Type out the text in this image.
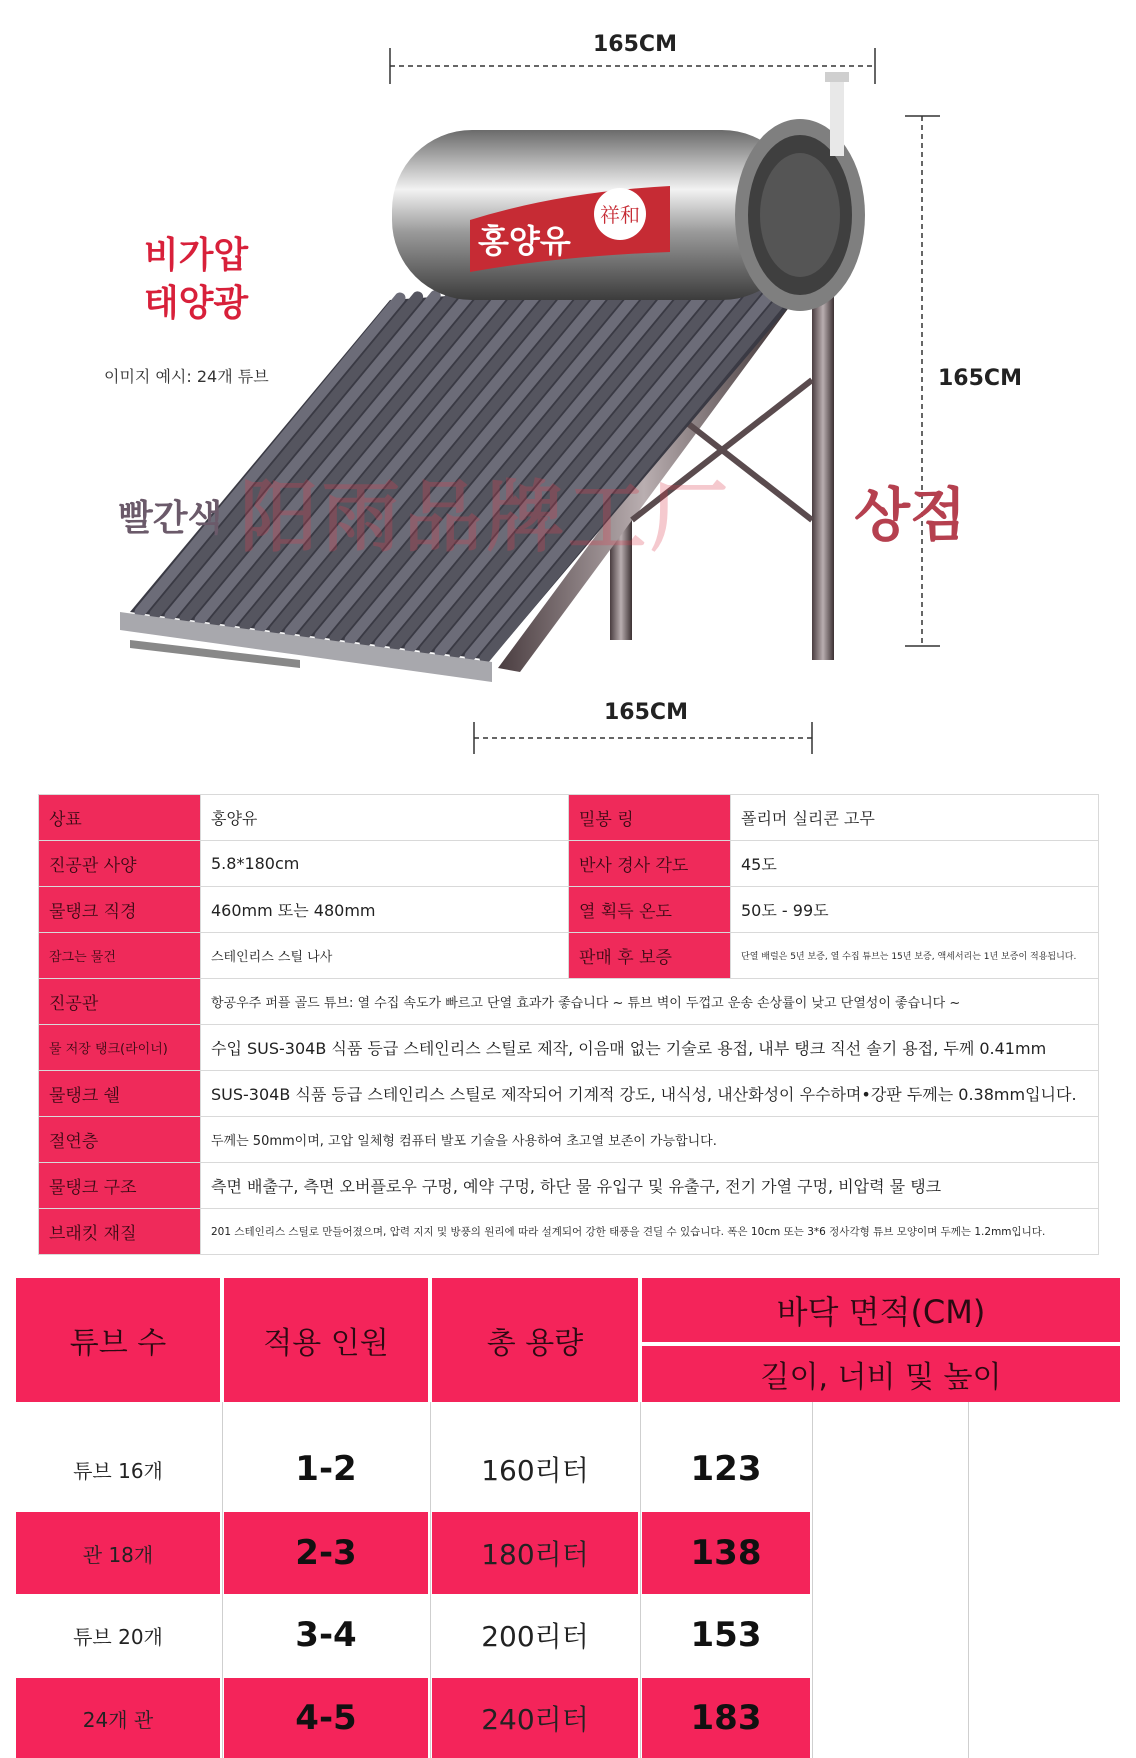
홍양유
祥和
165CM
165CM
165CM
비가압
태양광
이미지 예시: 24개 튜브
빨간색 阳雨品牌工厂 상점
상표	홍양유	밀봉 링	폴리머 실리콘 고무
진공관 사양	5.8*180cm	반사 경사 각도	45도
물탱크 직경	460mm 또는 480mm	열 획득 온도	50도 - 99도
잠그는 물건	스테인리스 스틸 나사	판매 후 보증	단열 배럴은 5년 보증, 열 수집 튜브는 15년 보증, 액세서리는 1년 보증이 적용됩니다.
진공관	항공우주 퍼플 골드 튜브: 열 수집 속도가 빠르고 단열 효과가 좋습니다 ~ 튜브 벽이 두껍고 운송 손상률이 낮고 단열성이 좋습니다 ~		
물 저장 탱크(라이너)	수입 SUS-304B 식품 등급 스테인리스 스틸로 제작, 이음매 없는 기술로 용접, 내부 탱크 직선 솔기 용접, 두께 0.41mm		
물탱크 쉘	SUS-304B 식품 등급 스테인리스 스틸로 제작되어 기계적 강도, 내식성, 내산화성이 우수하며•강판 두께는 0.38mm입니다.		
절연층	두께는 50mm이며, 고압 일체형 컴퓨터 발포 기술을 사용하여 초고열 보존이 가능합니다.		
물탱크 구조	측면 배출구, 측면 오버플로우 구멍, 예약 구멍, 하단 물 유입구 및 유출구, 전기 가열 구멍, 비압력 물 탱크		
브래킷 재질	201 스테인리스 스틸로 만들어졌으며, 압력 지지 및 방풍의 원리에 따라 설계되어 강한 태풍을 견딜 수 있습니다. 폭은 10cm 또는 3*6 정사각형 튜브 모양이며 두께는 1.2mm입니다.		
튜브 수	적용 인원	총 용량
바닥 면적(CM)
길이, 너비 및 높이
튜브 16개	1-2	160리터	123
관 18개	2-3	180리터	138
튜브 20개	3-4	200리터	153
24개 관	4-5	240리터	183
